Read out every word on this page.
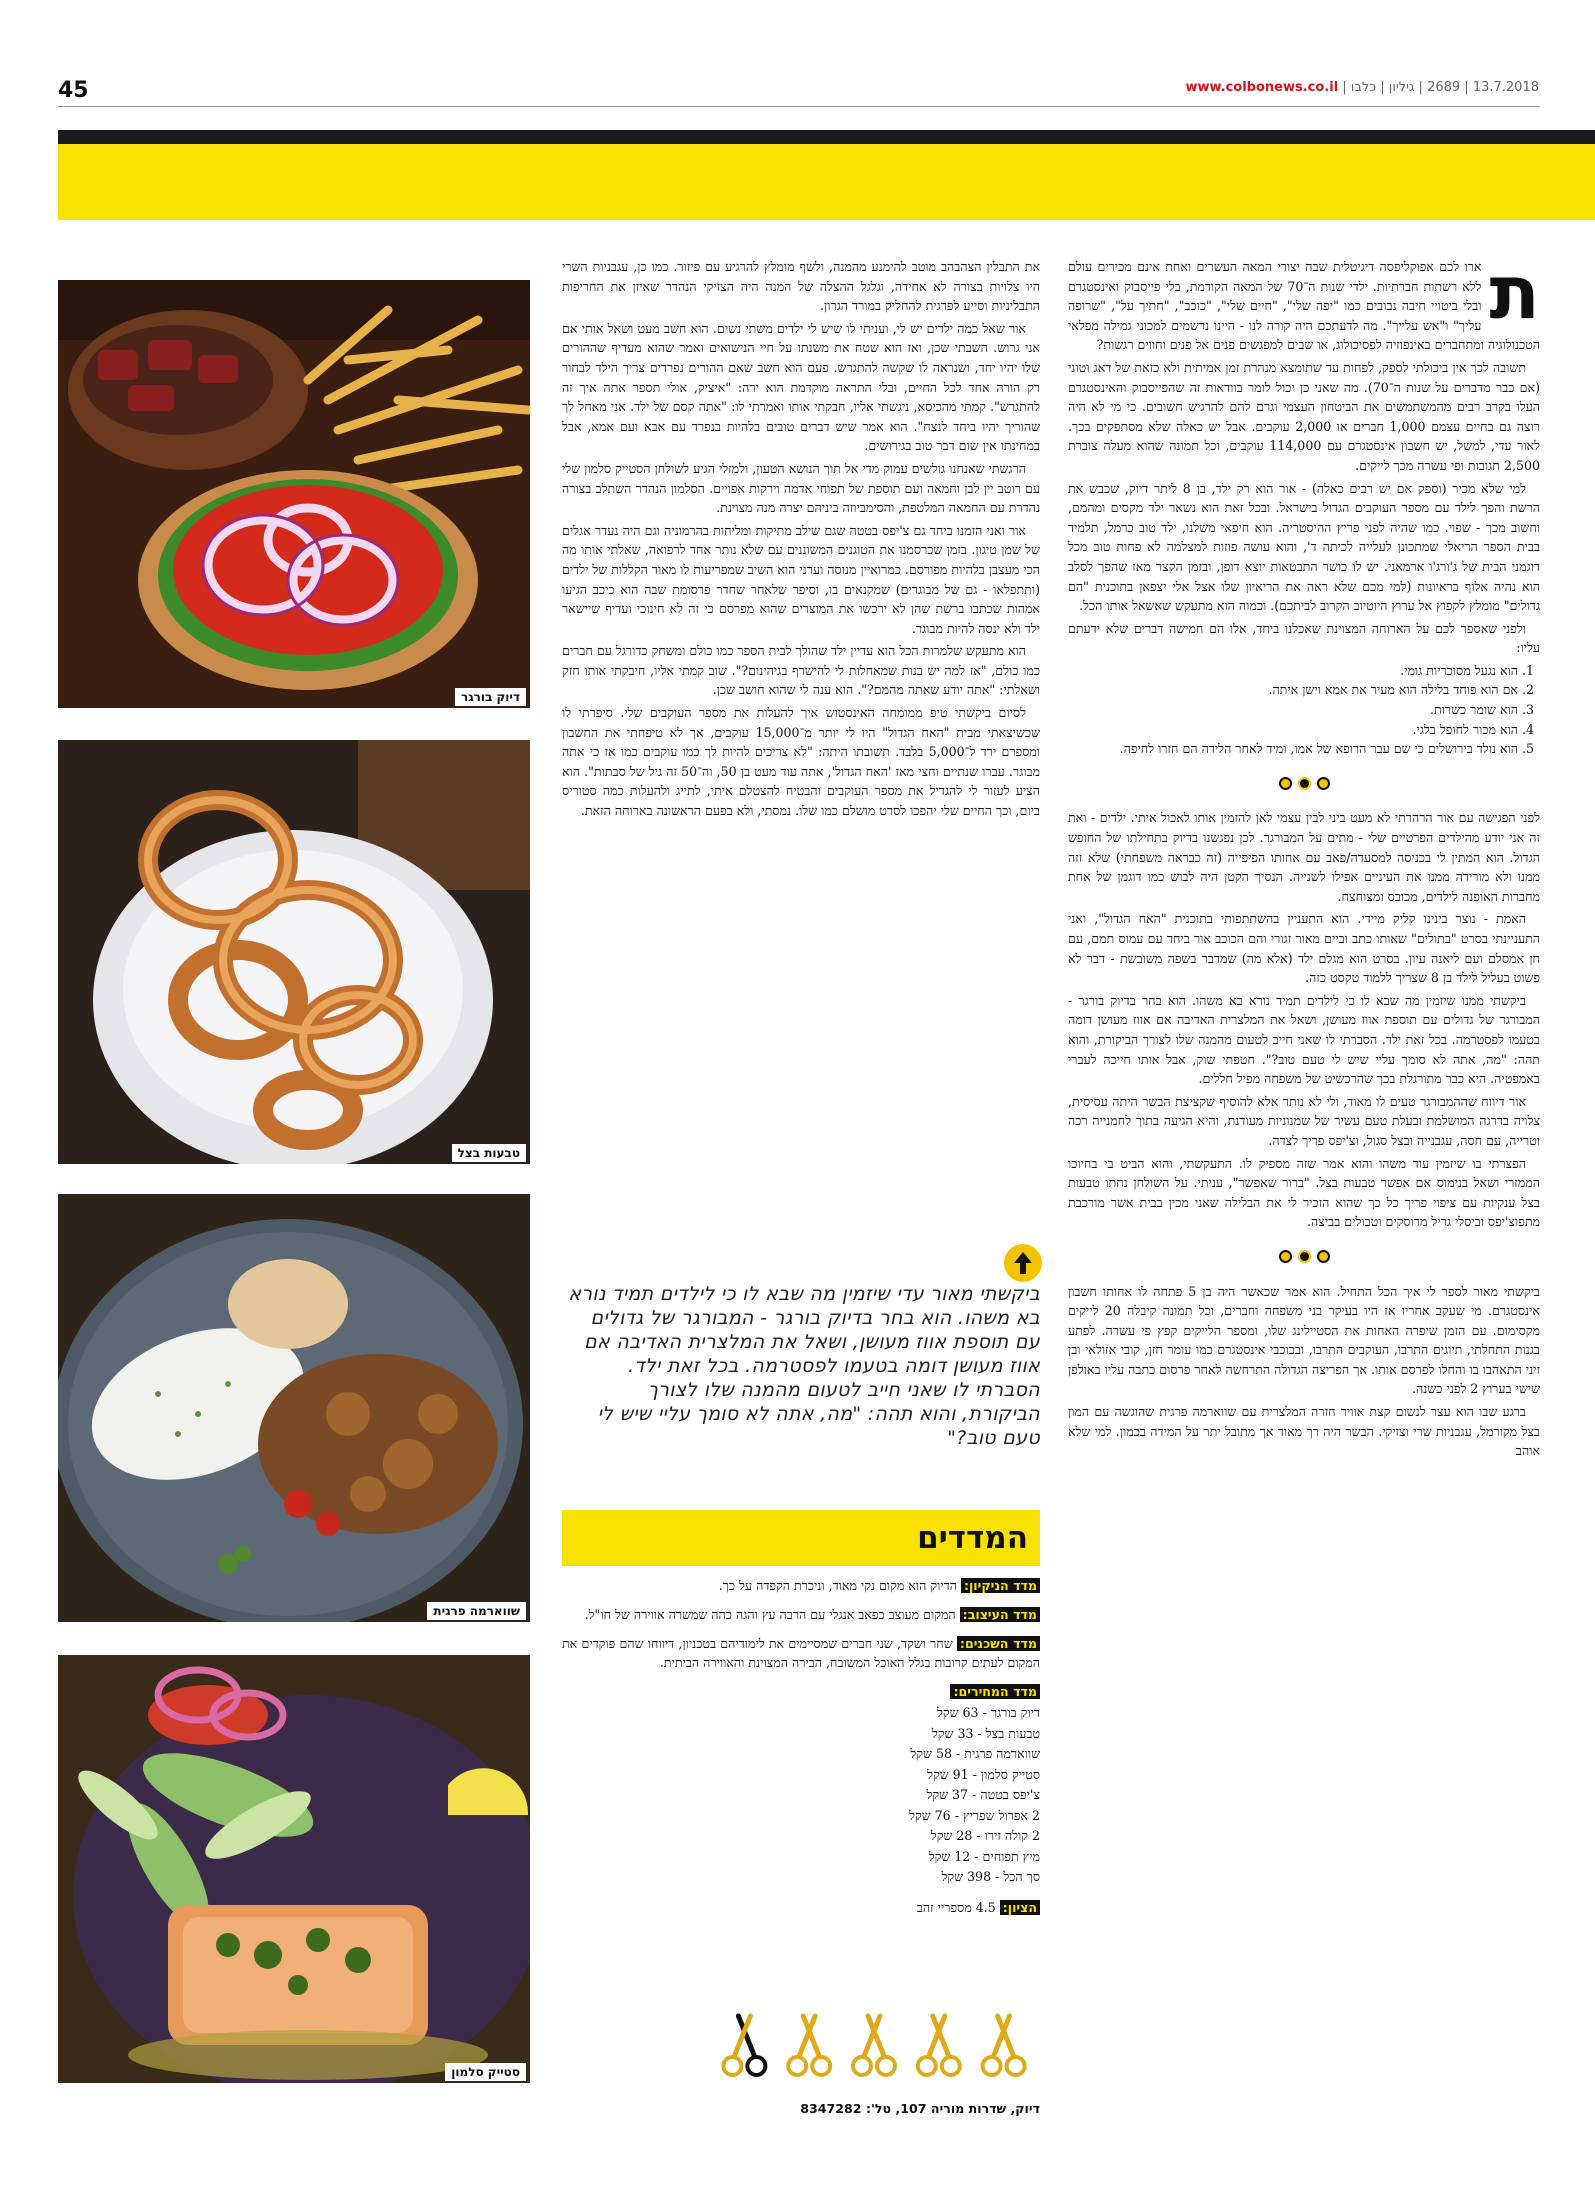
45	13.7.2018 | 2689 | גיליון | כלבו | www.colbonews.co.il
דיוק בורגר
טבעות בצל
שווארמה פרגית
סטייק סלמון
ת

ארו לכם אפוקליפסה דיגיטלית שבה יצורי המאה העשרים ואחת אינם מכירים עולם ללא רשתות חברתיות. ילדי שנות ה־70 של המאה הקודמת, בלי פייסבוק ואינסטגרם ובלי ביטויי חיבה נבובים כמו "יפה שלי", "חיים שלי", "כוכב", "חתיך על", "שרופה עליך" ו"אש עלייך". מה לדעתכם היה קורה לנו - היינו נרשמים למכוני גמילה מפלאי הטכנולוגיה ומתחברים באינפוזיה לפסיכולוג, או שבים למפגשים פנים אל פנים וחווים רגשות?

תשובה לכך אין ביכולתי לספק, לפחות עד שתומצא מנהרת זמן אמיתית ולא כזאת של דאג וטוני (אם כבר מדברים על שנות ה־70). מה שאני כן יכול לומר בוודאות זה שהפייסבוק והאינסטגרם העלו בקרב רבים מהמשתמשים את הביטחון העצמי וגרם להם להרגיש חשובים. כי מי לא היה רוצה גם בחיים עצמם 1,000 חברים או 2,000 עוקבים. אבל יש כאלה שלא מסתפקים בכך. לאור עדי, למשל, יש חשבון אינסטגרם עם 114,000 עוקבים, וכל תמונה שהוא מעלה צוברת 2,500 תגובות ופי עשרה מכך לייקים.

למי שלא מכיר (וספק אם יש רבים כאלה) - אור הוא רק ילד, בן 8 ליתר דיוק, שכבש את הרשת והפך לילד עם מספר העוקבים הגדול בישראל. ובכל זאת הוא נשאר ילד מקסים ומהמם, וחשוב מכך - שפוי. כמו שהיה לפני פריץ ההיסטריה. הוא חיפאי משלנו, ילד טוב כרמל, תלמיד בבית הספר הריאלי שמתכונן לעלייה לכיתה ד', והוא עושה פוזות למצלמה לא פחות טוב מכל דוגמני הבית של ג'ורג'ו ארמאני. יש לו כושר התבטאות יוצא דופן, ובזמן הקצר מאז שהפך לסלב הוא נהיה אלוף בראיונות (למי מכם שלא ראה את הריאיון שלו אצל אלי יצפאן בתוכנית "הם גדולים" מומלץ לקפוץ אל ערוץ היוטיוב הקרוב לביתכם). וכמוה הוא מתעקש שאשאל אותו הכל.

ולפני שאספר לכם על הארוחה המצוינת שאכלנו ביחד, אלו הם חמישה דברים שלא ידעתם עליו:

1. הוא נגעל מסוכריות גומי.
2. אם הוא פוחד בלילה הוא מעיר את אמא וישן איתה.
3. הוא שומר כשרות.
4. הוא מכור לחופל בלגי.
5. הוא נולד בירושלים כי שם עבר הרופא של אמו, ומיד לאחר הלידה הם חזרו לחיפה.

לפני הפגישה עם אור הרהרתי לא מעט ביני לבין עצמי לאן להזמין אותו לאכול איתי. ילדים - ואת זה אני יודע מהילדים הפרטיים שלי - מתים על המבורגר. לכן נפגשנו בדיוק בתחילתו של החופש הגדול. הוא המתין לי בכניסה למסעדה/פאב עם אחותו הפיפייה (זה כבראה משפחתי) שלא זזה ממנו ולא מורידה ממנו את העיניים אפילו לשנייה. הנסיך הקטן היה לבוש כמו דוגמן של אחת מחברות האופנה לילדים, מכובס ומצוחצח.

האמת - נוצר בינינו קליק מיידי. הוא התעניין בהשתתפותי בתוכנית "האח הגדול", ואני התעניינתי בסרט "בתולים" שאותו כתב וביים מאור זגורי והם הכוכב אור ביחד עם עמוס תמם, עם חן אמסלם ועם ליאנה עיון. בסרט הוא מגלם ילד (אלא מה) שמדבר בשפה משובשת - דבר לא פשוט בעליל לילד בן 8 שצריך ללמוד טקסט כזה.

ביקשתי ממנו שיזמין מה שבא לו כי לילדים תמיד נורא בא משהו. הוא בחר בדיוק בורגר - המבורגר של גדולים עם תוספת אווז מעושן, ושאל את המלצרית האדיבה אם אווז מעושן דומה בטעמו לפסטרמה. בכל זאת ילד. הסברתי לו שאני חייב לטעום מהמנה שלו לצורך הביקורת, והוא תהה: "מה, אתה לא סומך עליי שיש לי טעם טוב?". חטפתי שוק, אבל אותו חייכה לעברי באמפטיה. היא כבר מתורגלת בכך שהרכשיט של משפחה מפיל חללים.

אור דיווח שההמבורגר טעים לו מאוד, ולי לא נותר אלא להוסיף שקציצת הבשר היתה עסיסית, צלויה בדרגה המושלמת ובעלת טעם עשיר של שמנוניות מעודנת, והיא הגיעה בתוך לחמנייה רכה וטרייה, עם חסה, עגבנייה ובצל סגול, וצ'יפס פריך לצדה.

הפצרתי בו שיזמין עוד משהו והוא אמר שזה מספיק לו. התעקשתי, והוא הביט בי בחיוכו הממזרי ושאל בנימוס אם אפשר טבעות בצל. "ברור שאפשר", עניתי. על השולחן נחתו טבעות בצל ענקיות עם ציפוי פריך כל כך שהוא הזכיר לי את הבלילה שאני מכין בבית אשר מורכבת מתפוצ'יפס וביסלי גריל מרוסקים וטבולים בביצה.

ביקשתי מאור לספר לי איך הכל התחיל. הוא אמר שכאשר היה בן 5 פתחה לו אחותו חשבון אינסטגרם. מי שעקב אחריו אז היו בעיקר בני משפחה וחברים, וכל תמונה קיבלה 20 לייקים מקסימום. עם הזמן שיפרה האחות את הסטיילינג שלו, ומספר הלייקים קפץ פי עשרה. לפתע בגנות התחלתי, תיוגים התרבו, העוקבים התרבו, ובכוכבי אינסטגרם כמו עומר חזן, קובי אזולאי ובן זיני התאהבו בו והחלו לפרסם אותו. אך הפריצה הגדולה התרחשה לאחר פרסום כתבה עליו באולפן שישי בערוץ 2 לפני כשנה.

ברגע שבו הוא עצר לנשום קצת אוויר חזרה המלצרית עם שווארמה פרגית שהוגשה עם המון בצל מקורמל, עגבניות שרי וצזיקי. הבשר היה רך מאוד אך מתובל יתר על המידה בכמון. למי שלא אוהב

את התבלין הצהבהב מוטב להימנע מהמנה, ולשף מומלץ להרגיע עם פיזור. כמו כן, עגבניות השרי היו צלויות בצורה לא אחידה, וגלגל ההצלה של המנה היה הצזיקי הנהדר שאיזן את החריפות התבליניות וסייע לפרגית להחליק במורד הגרון.

אור שאל כמה ילדים יש לי, ועניתי לו שיש לי ילדים משתי נשים. הוא חשב מעט ושאל אותי אם אני גרוש. השבתי שכן, ואז הוא שטח את משנתו על חיי הנישואים ואמר שהוא מעדיף שההורים שלו יהיו יחד, ושנראה לו שקשה להתגרש. פעם הוא חשב שאם ההורים נפרדים צריך הילד לבחור רק הורה אחד לכל החיים, ובלי התראה מוקדמת הוא ירה: "איציק, אולי תספר אתה איך זה להתגרש". קמתי מהכיסא, ניגשתי אליו, חבקתי אותו ואמרתי לו: "אתה קסם של ילד. אני מאחל לך שהוריך יהיו ביחד לנצח". הוא אמר שיש דברים טובים בלהיות בנפרד עם אבא ועם אמא, אבל במחינתו אין שום דבר טוב בגירושים.

הרגשתי שאנחנו גולשים עמוק מדי אל תוך הנושא הטעון, ולמזלי הגיע לשולחן הסטייק סלמון שלי עם רוטב יין לבן וחמאה ועם תוספת של תפוחי אדמה וירקות אפויים. הסלמון הנהדר השתלב בצורה נהדרת עם החמאה המלטפת, והסימביוזה ביניהם יצרה מנה מצוינת.

אור ואני הזמנו ביחד גם צ'יפס בטטה שגם שילב מתיקות ומליחות בהרמוניה וגם היה נעדר אגלים של שמן טיגון. בזמן שכרסמנו את הטוגנים המשוננים עם שלא נותר אחד לרפואה, שאלתי אותו מה הכי מעצבן בלהיות מפורסם. כמרואיין מנוסה וערני הוא השיב שמפריעות לו מאוד הקללות של ילדים (ותתפלאו - גם של מבוגרים) שמקנאים בו, וסיפר שלאחר שחדר פרסומת שבה הוא כיכב הגיעו אמהות שכתבו ברשת שהן לא ירכשו את המוצרים שהוא מפרסם כי זה לא חינוכי ועדיף שיישאר ילד ולא ינסה להיות מבוגר.

הוא מתעקש שלמרות הכל הוא עדיין ילד שהולך לבית הספר כמו כולם ומשחק כדורגל עם חברים כמו כולם, "אז למה יש בנות שמאחלות לי להישרף בגיהינום?". שוב קמתי אליו, חיבקתי אותו חזק ושאלתי: "אתה יודע שאתה מהמם?". הוא ענה לי שהוא חושב שכן.

לסיום ביקשתי טיפ ממומחה האינסטוש איך להעלות את מספר העוקבים שלי. סיפרתי לו שכשיצאתי מבית "האח הגדול" היו לי יותר מ־15,000 עוקבים, אך לא טיפחתי את החשבון ומספרם ירד ל־5,000 בלבד. תשובתו היתה: "לא צריכים להיות לך כמו עוקבים כמו אז כי אתה מבוגר. עברו שנתיים וחצי מאז 'האח הגדול', אתה עוד מעט בן 50, וה־50 זה גיל של סבתות". הוא הציע לעזור לי להגדיל את מספר העוקבים והבטיח להצטלם איתי, לתייג ולהעלות כמה סטוריס ביום, וכך החיים שלי יהפכו לסרט מושלם כמו שלו. נמסתי, ולא בפעם הראשונה בארוחה הזאת.

ביקשתי מאור עדי שיזמין מה שבא לו כי לילדים תמיד נורא בא משהו. הוא בחר בדיוק בורגר - המבורגר של גדולים עם תוספת אווז מעושן, ושאל את המלצרית האדיבה אם אווז מעושן דומה בטעמו לפסטרמה. בכל זאת ילד. הסברתי לו שאני חייב לטעום מהמנה שלו לצורך הביקורת, והוא תהה: "מה, אתה לא סומך עליי שיש לי טעם טוב?"
המדדים
מדד הניקיון: הדיוק הוא מקום נקי מאוד, וניכרת הקפדה על כך.
מדד העיצוב: המקום מעוצב כפאב אנגלי עם הרבה עץ והגה כהה שמשרה אווירה של חו"ל.
מדד השכנים: שחר ושקד, שני חברים שמסיימים את לימודיהם בטכניון, דיווחו שהם פוקדים את המקום לעתים קרובות בגלל האוכל המשובח, הבירה המצוינת והאווירה הביתית.
מדד המחירים:
דיוק בורגר - 63 שקל
טבעות בצל - 33 שקל
שווארמה פרגית - 58 שקל
סטייק סלמון - 91 שקל
צ'יפס בטטה - 37 שקל
2 אפרול שפריץ - 76 שקל
2 קולה זירו - 28 שקל
מיץ תפוחים - 12 שקל
סך הכל - 398 שקל
הציון: 4.5 מספריי זהב
דיוק, שדרות מוריה 107, טל': 8347282
